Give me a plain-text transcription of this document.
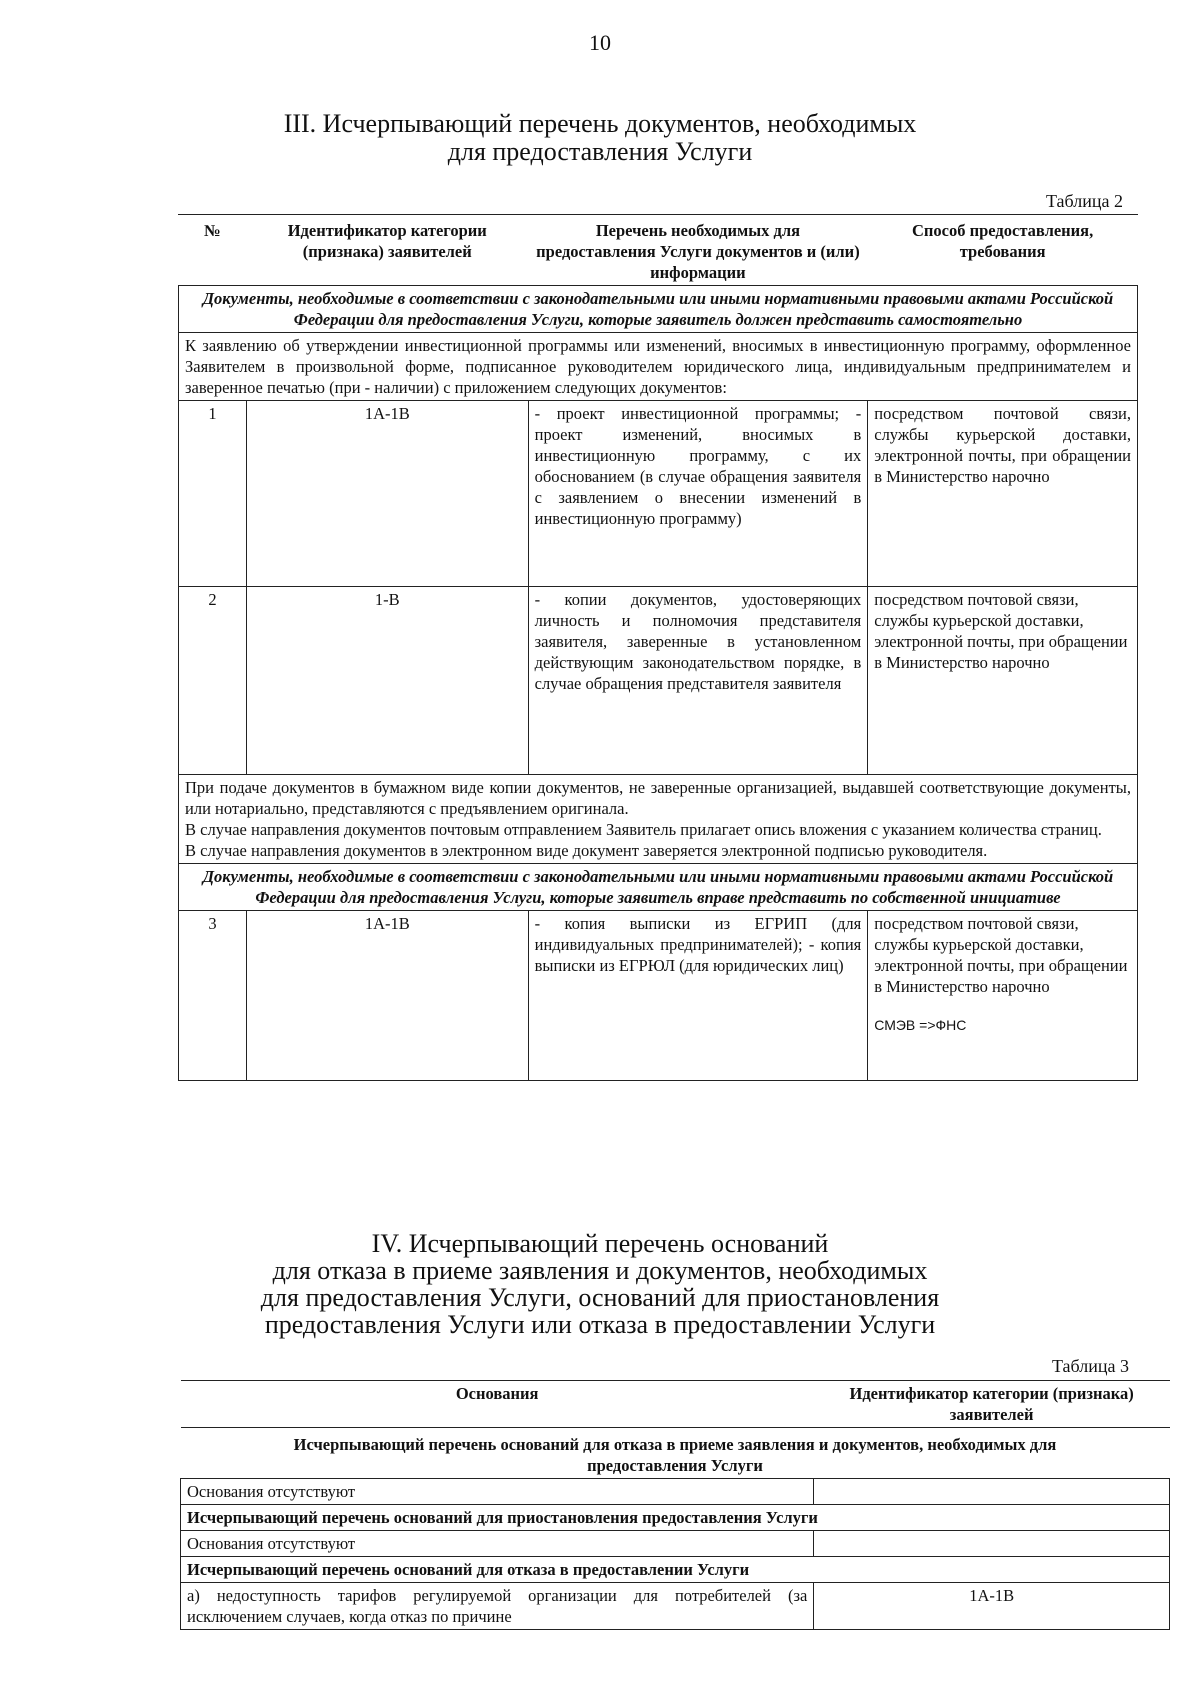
10
III. Исчерпывающий перечень документов, необходимых
для предоставления Услуги
Таблица 2
№	Идентификатор категории (признака) заявителей	Перечень необходимых для предоставления Услуги документов и (или) информации	Способ предоставления, требования
Документы, необходимые в соответствии с законодательными или иными нормативными правовыми актами Российской Федерации для предоставления Услуги, которые заявитель должен представить самостоятельно			
К заявлению об утверждении инвестиционной программы или изменений, вносимых в инвестиционную программу, оформленное Заявителем в произвольной форме, подписанное руководителем юридического лица, индивидуальным предпринимателем и заверенное печатью (при - наличии) с приложением следующих документов:			
1	1А-1В	- проект инвестиционной программы; - проект изменений, вносимых в инвестиционную программу, с их обоснованием (в случае обращения заявителя с заявлением о внесении изменений в инвестиционную программу)	посредством почтовой связи, службы курьерской доставки, электронной почты, при обращении в Министерство нарочно
2	1-В	- копии документов, удостоверяющих личность и полномочия представителя заявителя, заверенные в установленном действующим законодательством порядке, в случае обращения представителя заявителя	посредством почтовой связи, службы курьерской доставки, электронной почты, при обращении в Министерство нарочно

При подаче документов в бумажном виде копии документов, не заверенные организацией, выдавшей соответствующие документы, или нотариально, представляются с предъявлением оригинала.
В случае направления документов почтовым отправлением Заявитель прилагает опись вложения с указанием количества страниц.
В случае направления документов в электронном виде документ заверяется электронной подписью руководителя.			

Документы, необходимые в соответствии с законодательными или иными нормативными правовыми актами Российской Федерации для предоставления Услуги, которые заявитель вправе представить по собственной инициативе			
3	1А-1В	- копия выписки из ЕГРИП (для индивидуальных предпринимателей); - копия выписки из ЕГРЮЛ (для юридических лиц)	посредством почтовой связи, службы курьерской доставки, электронной почты, при обращении в Министерство нарочно
СМЭВ =>ФНС
IV. Исчерпывающий перечень оснований
для отказа в приеме заявления и документов, необходимых
для предоставления Услуги, оснований для приостановления
предоставления Услуги или отказа в предоставлении Услуги
Таблица 3
Основания	Идентификатор категории (признака) заявителей
Исчерпывающий перечень оснований для отказа в приеме заявления и документов, необходимых для предоставления Услуги	
Основания отсутствуют	
Исчерпывающий перечень оснований для приостановления предоставления Услуги	
Основания отсутствуют	
Исчерпывающий перечень оснований для отказа в предоставлении Услуги	
а) недоступность тарифов регулируемой организации для потребителей (за исключением случаев, когда отказ по причине	1А-1В
